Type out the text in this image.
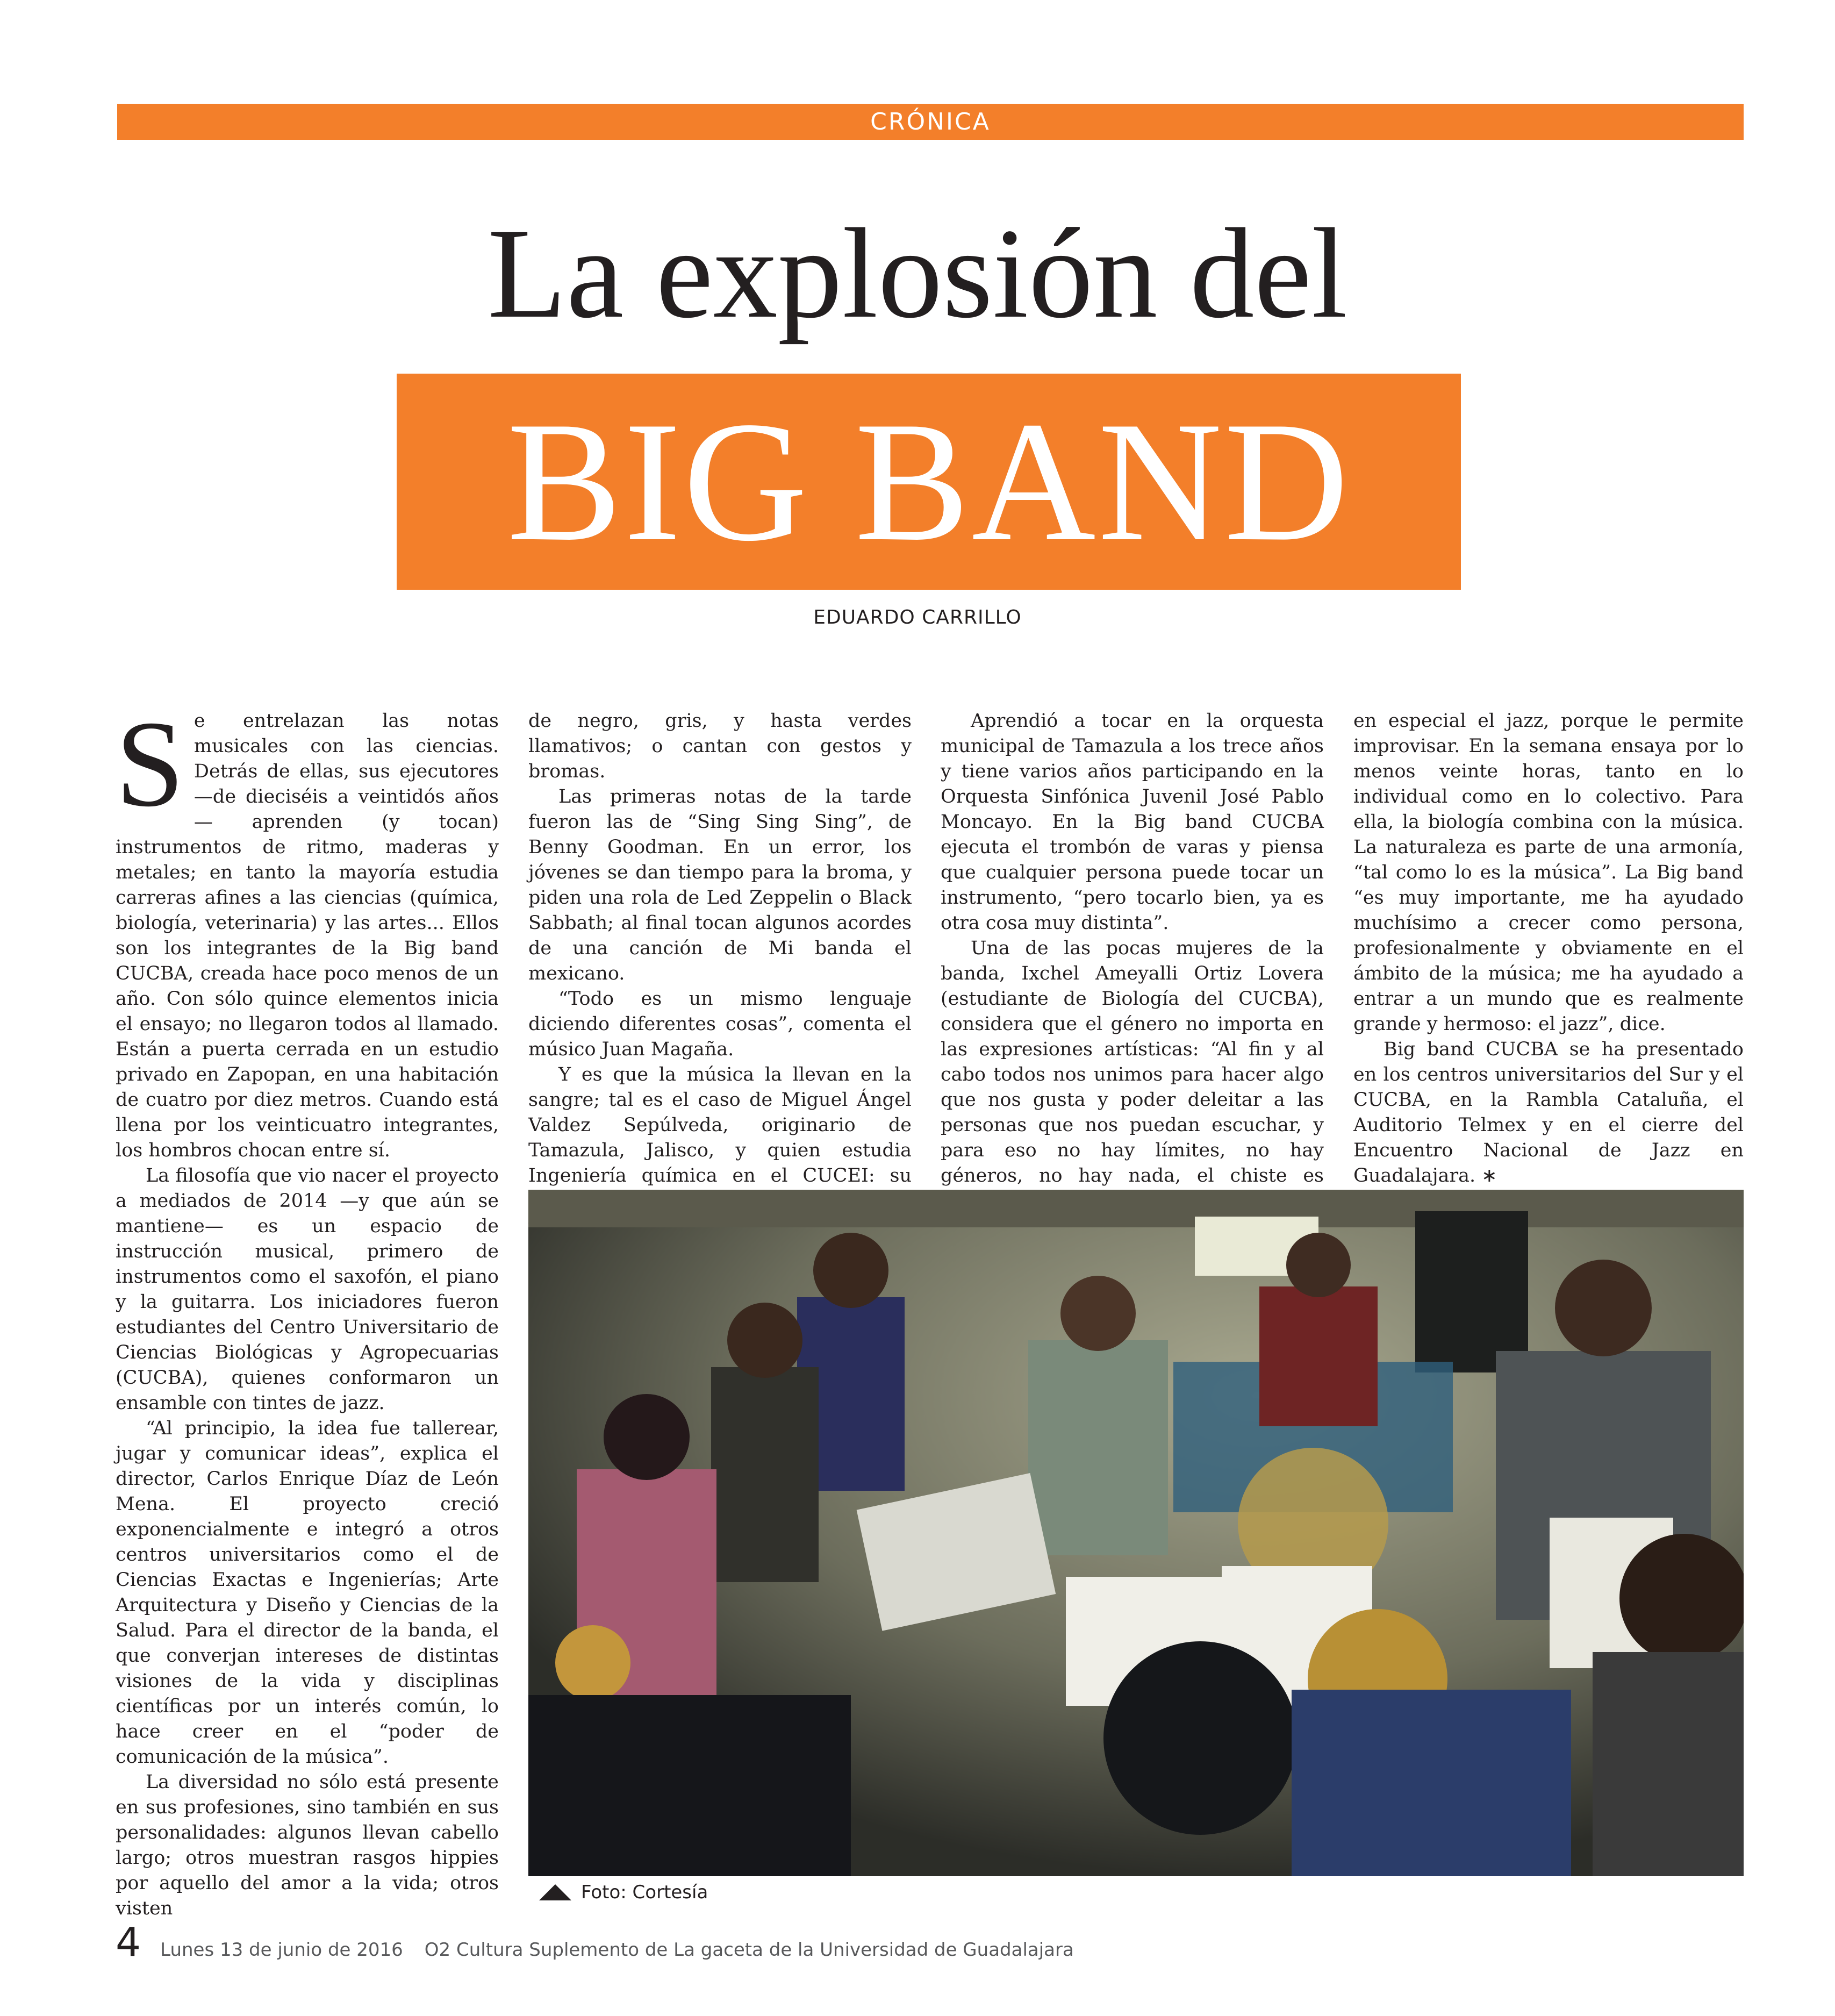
CRÓNICA
La explosión del
BIG BAND
EDUARDO CARRILLO

Se entrelazan las notas musicales con las ciencias. Detrás de ellas, sus ejecutores —de dieciséis a veintidós años— aprenden (y tocan) instrumentos de ritmo, maderas y metales; en tanto la mayoría estudia carreras afines a las ciencias (química, biología, veterinaria) y las artes... Ellos son los integrantes de la Big band CUCBA, creada hace poco menos de un año. Con sólo quince elementos inicia el ensayo; no llegaron todos al llamado. Están a puerta cerrada en un estudio privado en Zapopan, en una habitación de cuatro por diez metros. Cuando está llena por los veinticuatro integrantes, los hombros chocan entre sí.

La filosofía que vio nacer el proyecto a mediados de 2014 —y que aún se mantiene— es un espacio de instrucción musical, primero de instrumentos como el saxofón, el piano y la guitarra. Los iniciadores fueron estudiantes del Centro Universitario de Ciencias Biológicas y Agropecuarias (CUCBA), quienes conformaron un ensamble con tintes de jazz.

“Al principio, la idea fue tallerear, jugar y comunicar ideas”, explica el director, Carlos Enrique Díaz de León Mena. El proyecto creció exponencialmente e integró a otros centros universitarios como el de Ciencias Exactas e Ingenierías; Arte Arquitectura y Diseño y Ciencias de la Salud. Para el director de la banda, el que converjan intereses de distintas visiones de la vida y disciplinas científicas por un interés común, lo hace creer en el “poder de comunicación de la música”.

La diversidad no sólo está presente en sus profesiones, sino también en sus personalidades: algunos llevan cabello largo; otros muestran rasgos hippies por aquello del amor a la vida; otros visten

de negro, gris, y hasta verdes llamativos; o cantan con gestos y bromas.

Las primeras notas de la tarde fueron las de “Sing Sing Sing”, de Benny Goodman. En un error, los jóvenes se dan tiempo para la broma, y piden una rola de Led Zeppelin o Black Sabbath; al final tocan algunos acordes de una canción de Mi banda el mexicano.

“Todo es un mismo lenguaje diciendo diferentes cosas”, comenta el músico Juan Magaña.

Y es que la música la llevan en la sangre; tal es el caso de Miguel Ángel Valdez Sepúlveda, originario de Tamazula, Jalisco, y quien estudia Ingeniería química en el CUCEI: su

Aprendió a tocar en la orquesta municipal de Tamazula a los trece años y tiene varios años participando en la Orquesta Sinfónica Juvenil José Pablo Moncayo. En la Big band CUCBA ejecuta el trombón de varas y piensa que cualquier persona puede tocar un instrumento, “pero tocarlo bien, ya es otra cosa muy distinta”.

Una de las pocas mujeres de la banda, Ixchel Ameyalli Ortiz Lovera (estudiante de Biología del CUCBA), considera que el género no importa en las expresiones artísticas: “Al fin y al cabo todos nos unimos para hacer algo que nos gusta y poder deleitar a las personas que nos puedan escuchar, y para eso no hay límites, no hay géneros, no hay nada, el chiste es

en especial el jazz, porque le permite improvisar. En la semana ensaya por lo menos veinte horas, tanto en lo individual como en lo colectivo. Para ella, la biología combina con la música. La naturaleza es parte de una armonía, “tal como lo es la música”. La Big band “es muy importante, me ha ayudado muchísimo a crecer como persona, profesionalmente y obviamente en el ámbito de la música; me ha ayudado a entrar a un mundo que es realmente grande y hermoso: el jazz”, dice.

Big band CUCBA se ha presentado en los centros universitarios del Sur y el CUCBA, en la Rambla Cataluña, el Auditorio Telmex y en el cierre del Encuentro Nacional de Jazz en Guadalajara. ∗

Foto: Cortesía
4 Lunes 13 de junio de 2016 O2 Cultura Suplemento de La gaceta de la Universidad de Guadalajara
